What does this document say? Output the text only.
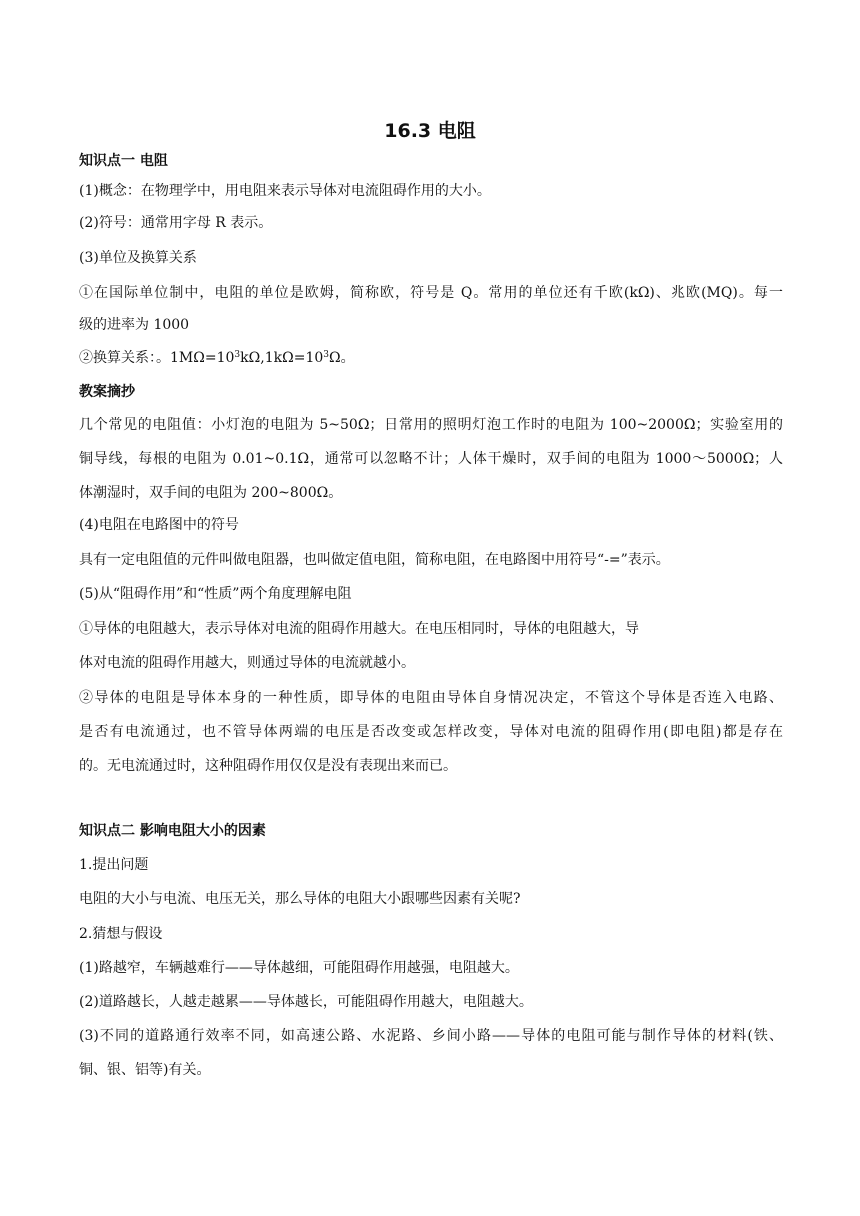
16.3 电阻
知识点一 电阻
(1)概念：在物理学中，用电阻来表示导体对电流阻碍作用的大小。
(2)符号：通常用字母 R 表示。
(3)单位及换算关系
①在国际单位制中，电阻的单位是欧姆，简称欧，符号是 Q。常用的单位还有千欧(kΩ)、兆欧(MQ)。每一
级的进率为 1000
②换算关系：。$1M\Omega=10^3k\Omega,1k\Omega=10^3\Omega$。
教案摘抄
几个常见的电阻值：小灯泡的电阻为 5~50Ω；日常用的照明灯泡工作时的电阻为 100~2000Ω；实验室用的
铜导线，每根的电阻为 0.01~0.1Ω，通常可以忽略不计；人体干燥时，双手间的电阻为 1000～5000Ω；人
体潮湿时，双手间的电阻为 200~800Ω。
(4)电阻在电路图中的符号
具有一定电阻值的元件叫做电阻器，也叫做定值电阻，简称电阻，在电路图中用符号“-=”表示。
(5)从“阻碍作用”和“性质”两个角度理解电阻
①导体的电阻越大，表示导体对电流的阻碍作用越大。在电压相同时，导体的电阻越大，导
体对电流的阻碍作用越大，则通过导体的电流就越小。
②导体的电阻是导体本身的一种性质，即导体的电阻由导体自身情况决定，不管这个导体是否连入电路、
是否有电流通过，也不管导体两端的电压是否改变或怎样改变，导体对电流的阻碍作用(即电阻)都是存在
的。无电流通过时，这种阻碍作用仅仅是没有表现出来而已。
知识点二 影响电阻大小的因素
1.提出问题
电阻的大小与电流、电压无关，那么导体的电阻大小跟哪些因素有关呢?
2.猜想与假设
(1)路越窄，车辆越难行——导体越细，可能阻碍作用越强，电阻越大。
(2)道路越长，人越走越累——导体越长，可能阻碍作用越大，电阻越大。
(3)不同的道路通行效率不同，如高速公路、水泥路、乡间小路——导体的电阻可能与制作导体的材料(铁、
铜、银、铝等)有关。
